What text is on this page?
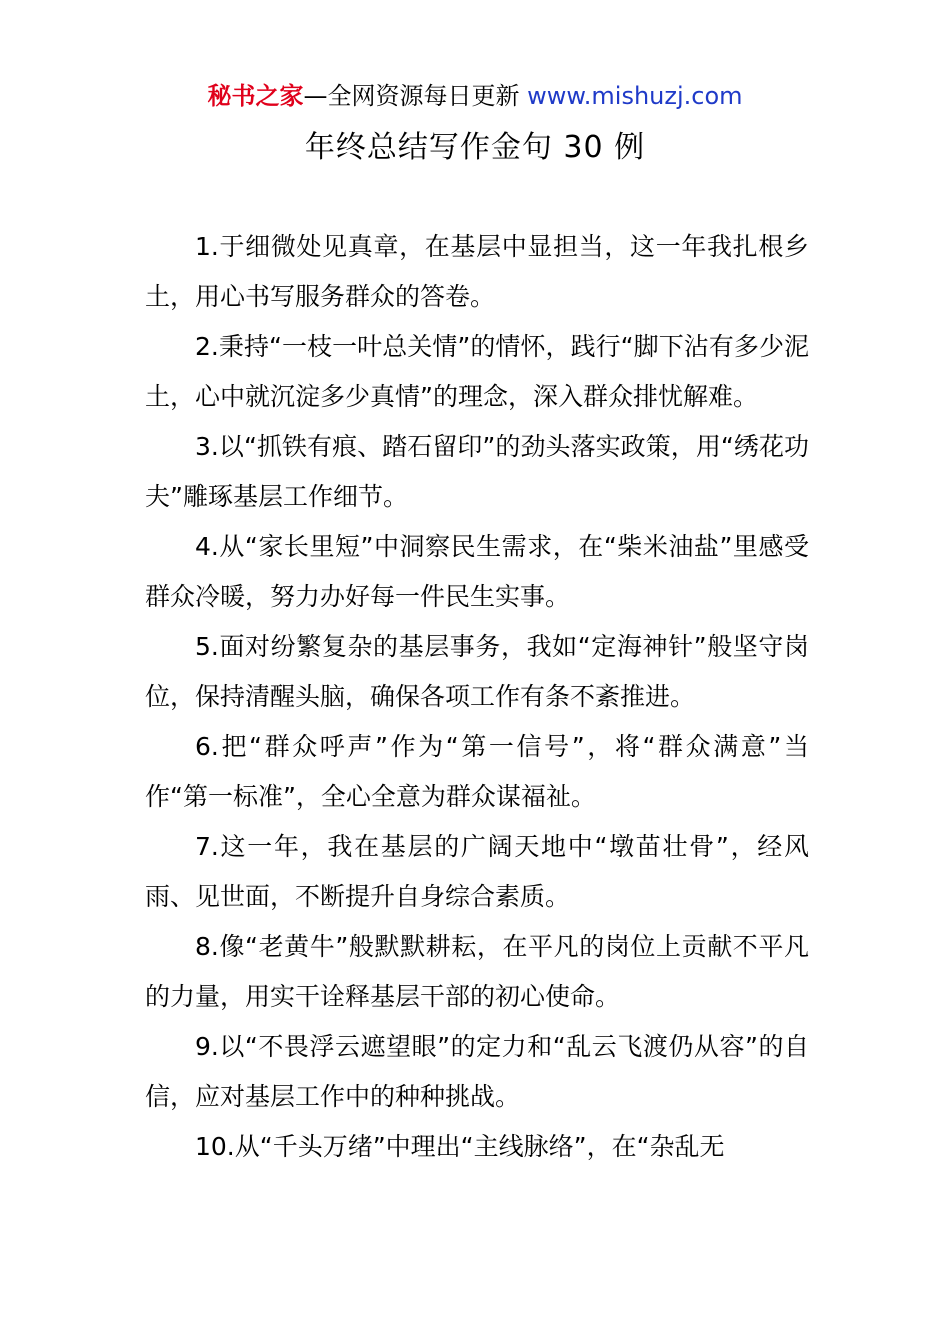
秘书之家—全网资源每日更新 www.mishuzj.com
年终总结写作金句 30 例

1.于细微处见真章，在基层中显担当，这一年我扎根乡土，用心书写服务群众的答卷。

2.秉持“一枝一叶总关情”的情怀，践行“脚下沾有多少泥土，心中就沉淀多少真情”的理念，深入群众排忧解难。

3.以“抓铁有痕、踏石留印”的劲头落实政策，用“绣花功夫”雕琢基层工作细节。

4.从“家长里短”中洞察民生需求，在“柴米油盐”里感受群众冷暖，努力办好每一件民生实事。

5.面对纷繁复杂的基层事务，我如“定海神针”般坚守岗位，保持清醒头脑，确保各项工作有条不紊推进。

6.把“群众呼声”作为“第一信号”，将“群众满意”当作“第一标准”，全心全意为群众谋福祉。

7.这一年，我在基层的广阔天地中“墩苗壮骨”，经风雨、见世面，不断提升自身综合素质。

8.像“老黄牛”般默默耕耘，在平凡的岗位上贡献不平凡的力量，用实干诠释基层干部的初心使命。

9.以“不畏浮云遮望眼”的定力和“乱云飞渡仍从容”的自信，应对基层工作中的种种挑战。

10.从“千头万绪”中理出“主线脉络”，在“杂乱无
